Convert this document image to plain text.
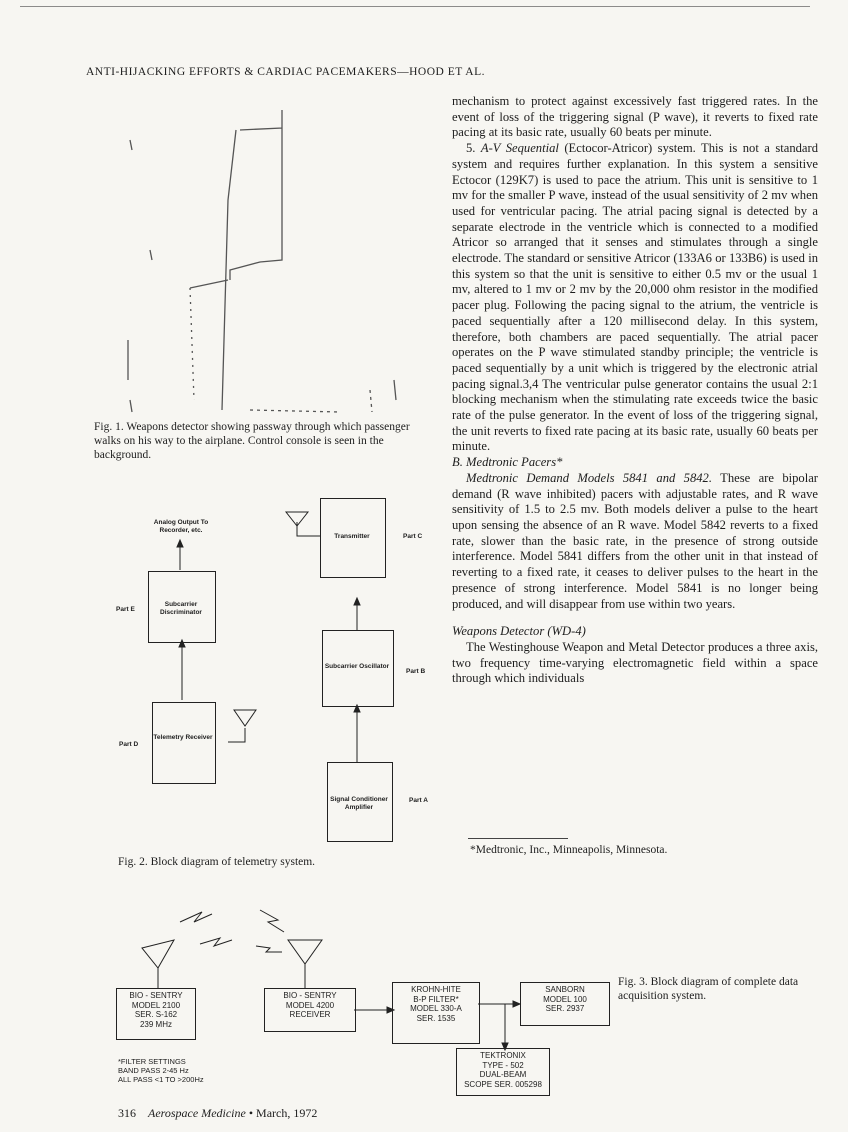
ANTI-HIJACKING EFFORTS & CARDIAC PACEMAKERS—HOOD ET AL.
Fig. 1. Weapons detector showing passway through which passenger walks on his way to the airplane. Control console is seen in the background.
Analog Output To Recorder, etc.
Subcarrier Discriminator
Part E
Telemetry Receiver
Part D
Transmitter	Part C
Subcarrier Oscillator
Part B
Signal Conditioner Amplifier
Part A
Fig. 2. Block diagram of telemetry system.

mechanism to protect against excessively fast triggered rates. In the event of loss of the triggering signal (P wave), it reverts to fixed rate pacing at its basic rate, usually 60 beats per minute.

5. A-V Sequential (Ectocor-Atricor) system. This is not a standard system and requires further explanation. In this system a sensitive Ectocor (129K7) is used to pace the atrium. This unit is sensitive to 1 mv for the smaller P wave, instead of the usual sensitivity of 2 mv when used for ventricular pacing. The atrial pacing signal is detected by a separate electrode in the ventricle which is connected to a modified Atricor so arranged that it senses and stimulates through a single electrode. The standard or sensitive Atricor (133A6 or 133B6) is used in this system so that the unit is sensitive to either 0.5 mv or the usual 1 mv, altered to 1 mv or 2 mv by the 20,000 ohm resistor in the modified pacer plug. Following the pacing signal to the atrium, the ventricle is paced sequentially after a 120 millisecond delay. In this system, therefore, both chambers are paced sequentially. The atrial pacer operates on the P wave stimulated standby principle; the ventricle is paced sequentially by a unit which is triggered by the electronic atrial pacing signal.3,4 The ventricular pulse generator contains the usual 2:1 blocking mechanism when the stimulating rate exceeds twice the basic rate of the pulse generator. In the event of loss of the triggering signal, the unit reverts to fixed rate pacing at its basic rate, usually 60 beats per minute.

B. Medtronic Pacers*

Medtronic Demand Models 5841 and 5842. These are bipolar demand (R wave inhibited) pacers with adjustable rates, and R wave sensitivity of 1.5 to 2.5 mv. Both models deliver a pulse to the heart upon sensing the absence of an R wave. Model 5842 reverts to a fixed rate, slower than the basic rate, in the presence of strong outside interference. Model 5841 differs from the other unit in that instead of reverting to a fixed rate, it ceases to deliver pulses to the heart in the presence of strong interference. Model 5841 is no longer being produced, and will disappear from use within two years.

Weapons Detector (WD-4)

The Westinghouse Weapon and Metal Detector produces a three axis, two frequency time-varying electromagnetic field within a space through which individuals

*Medtronic, Inc., Minneapolis, Minnesota.
BIO - SENTRY
MODEL 2100
SER. S-162
239 MHz
BIO - SENTRY
MODEL 4200
RECEIVER
KROHN-HITE
B-P FILTER*
MODEL 330-A
SER. 1535
SANBORN
MODEL 100
SER. 2937
TEKTRONIX
TYPE - 502
DUAL-BEAM
SCOPE SER. 005298
*FILTER SETTINGS
BAND PASS 2-45 Hz
ALL PASS <1 TO >200Hz
Fig. 3. Block diagram of complete data acquisition system.
316 Aerospace Medicine • March, 1972
